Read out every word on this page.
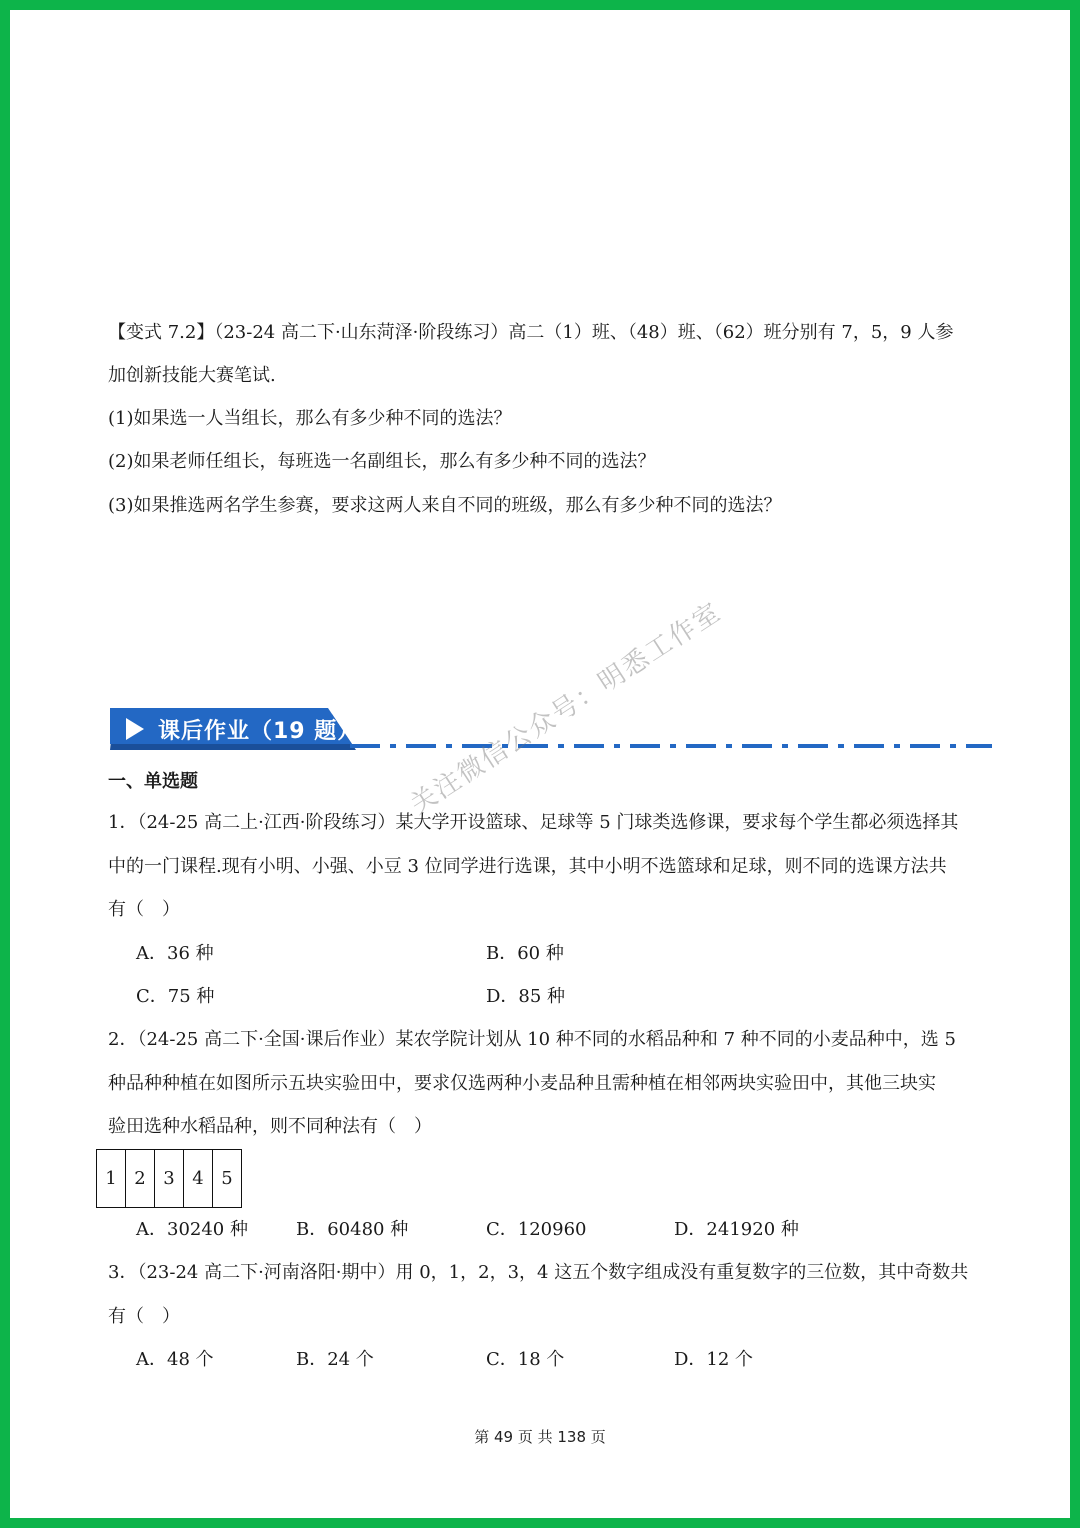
【变式 7.2】（23-24 高二下·山东菏泽·阶段练习）高二（1）班、（48）班、（62）班分别有 7，5，9 人参
加创新技能大赛笔试.
(1)如果选一人当组长，那么有多少种不同的选法？
(2)如果老师任组长，每班选一名副组长，那么有多少种不同的选法？
(3)如果推选两名学生参赛，要求这两人来自不同的班级，那么有多少种不同的选法？
课后作业（19 题）
一、单选题
1．（24-25 高二上·江西·阶段练习）某大学开设篮球、足球等 5 门球类选修课，要求每个学生都必须选择其
中的一门课程.现有小明、小强、小豆 3 位同学进行选课，其中小明不选篮球和足球，则不同的选课方法共
有（　）
A．36 种	B．60 种
C．75 种	D．85 种
2．（24-25 高二下·全国·课后作业）某农学院计划从 10 种不同的水稻品种和 7 种不同的小麦品种中，选 5
种品种种植在如图所示五块实验田中，要求仅选两种小麦品种且需种植在相邻两块实验田中，其他三块实
验田选种水稻品种，则不同种法有（　）
1	2	3	4	5
A．30240 种	B．60480 种	C．120960	D．241920 种
3．（23-24 高二下·河南洛阳·期中）用 0，1，2，3，4 这五个数字组成没有重复数字的三位数，其中奇数共
有（　）
A．48 个	B．24 个	C．18 个	D．12 个
关注微信公众号：明悉工作室
第 49 页 共 138 页
